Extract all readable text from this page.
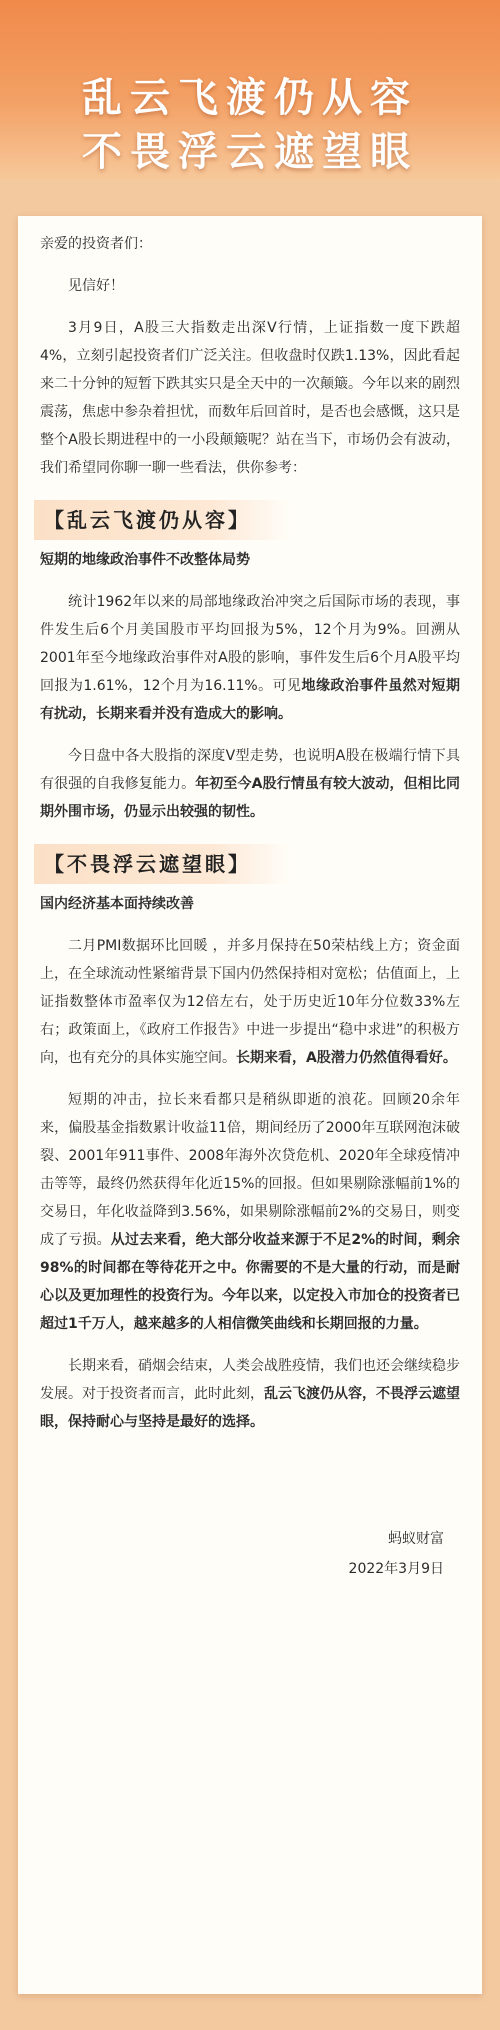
乱云飞渡仍从容
不畏浮云遮望眼

亲爱的投资者们：

见信好！

3月9日，A股三大指数走出深V行情，上证指数一度下跌超4%，立刻引起投资者们广泛关注。但收盘时仅跌1.13%，因此看起来二十分钟的短暂下跌其实只是全天中的一次颠簸。今年以来的剧烈震荡，焦虑中参杂着担忧，而数年后回首时，是否也会感慨，这只是整个A股长期进程中的一小段颠簸呢？站在当下，市场仍会有波动，我们希望同你聊一聊一些看法，供你参考：

【乱云飞渡仍从容】

短期的地缘政治事件不改整体局势

统计1962年以来的局部地缘政治冲突之后国际市场的表现，事件发生后6个月美国股市平均回报为5%，12个月为9%。回溯从2001年至今地缘政治事件对A股的影响，事件发生后6个月A股平均回报为1.61%，12个月为16.11%。可见地缘政治事件虽然对短期有扰动，长期来看并没有造成大的影响。

今日盘中各大股指的深度V型走势，也说明A股在极端行情下具有很强的自我修复能力。年初至今A股行情虽有较大波动，但相比同期外围市场，仍显示出较强的韧性。

【不畏浮云遮望眼】

国内经济基本面持续改善

二月PMI数据环比回暖 ，并多月保持在50荣枯线上方；资金面上，在全球流动性紧缩背景下国内仍然保持相对宽松；估值面上，上证指数整体市盈率仅为12倍左右，处于历史近10年分位数33%左右；政策面上，《政府工作报告》中进一步提出“稳中求进”的积极方向，也有充分的具体实施空间。长期来看，A股潜力仍然值得看好。

短期的冲击，拉长来看都只是稍纵即逝的浪花。回顾20余年来，偏股基金指数累计收益11倍，期间经历了2000年互联网泡沫破裂、2001年911事件、2008年海外次贷危机、2020年全球疫情冲击等等，最终仍然获得年化近15%的回报。但如果剔除涨幅前1%的交易日，年化收益降到3.56%，如果剔除涨幅前2%的交易日，则变成了亏损。从过去来看，绝大部分收益来源于不足2%的时间，剩余98%的时间都在等待花开之中。你需要的不是大量的行动，而是耐心以及更加理性的投资行为。今年以来，以定投入市加仓的投资者已超过1千万人，越来越多的人相信微笑曲线和长期回报的力量。

长期来看，硝烟会结束，人类会战胜疫情，我们也还会继续稳步发展。对于投资者而言，此时此刻，乱云飞渡仍从容，不畏浮云遮望眼，保持耐心与坚持是最好的选择。

蚂蚁财富
2022年3月9日
